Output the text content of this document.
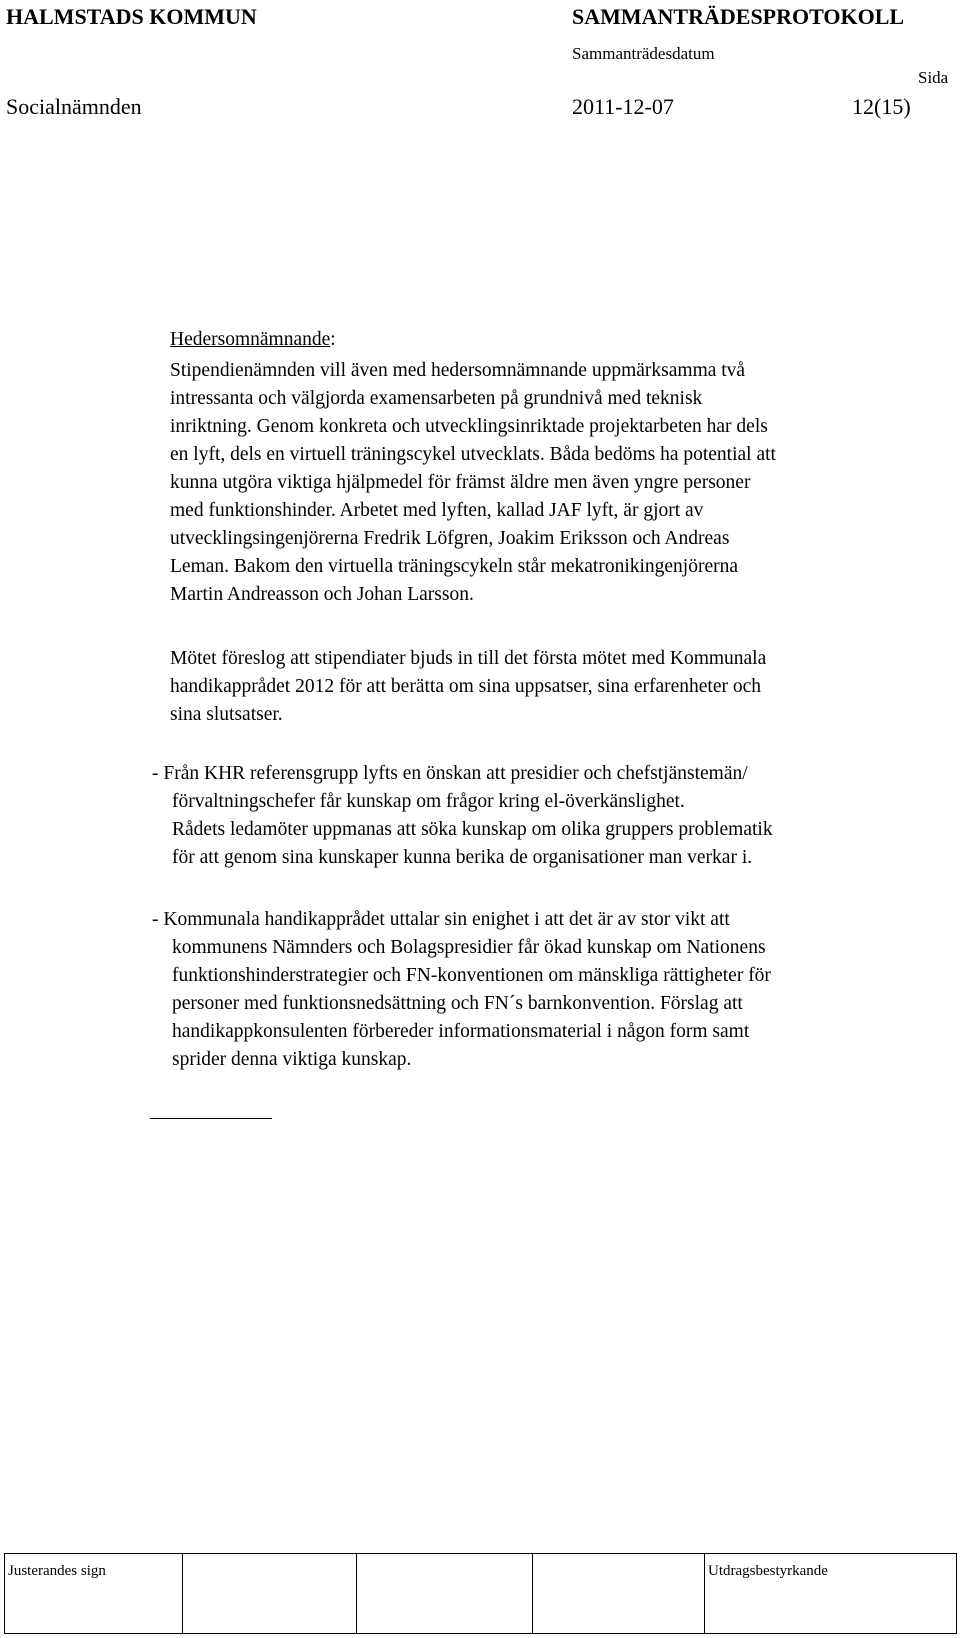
HALMSTADS KOMMUN	SAMMANTRÄDESPROTOKOLL
Sammanträdesdatum
Sida
Socialnämnden	2011-12-07	12(15)
Hedersomnämnande:
Stipendienämnden vill även med hedersomnämnande uppmärksamma två
intressanta och välgjorda examensarbeten på grundnivå med teknisk
inriktning. Genom konkreta och utvecklingsinriktade projektarbeten har dels
en lyft, dels en virtuell träningscykel utvecklats. Båda bedöms ha potential att
kunna utgöra viktiga hjälpmedel för främst äldre men även yngre personer
med funktionshinder. Arbetet med lyften, kallad JAF lyft, är gjort av
utvecklingsingenjörerna Fredrik Löfgren, Joakim Eriksson och Andreas
Leman. Bakom den virtuella träningscykeln står mekatronikingenjörerna
Martin Andreasson och Johan Larsson.
Mötet föreslog att stipendiater bjuds in till det första mötet med Kommunala
handikapprådet 2012 för att berätta om sina uppsatser, sina erfarenheter och
sina slutsatser.
- Från KHR referensgrupp lyfts en önskan att presidier och chefstjänstemän/
förvaltningschefer får kunskap om frågor kring el-överkänslighet.
Rådets ledamöter uppmanas att söka kunskap om olika gruppers problematik
för att genom sina kunskaper kunna berika de organisationer man verkar i.
- Kommunala handikapprådet uttalar sin enighet i att det är av stor vikt att
kommunens Nämnders och Bolagspresidier får ökad kunskap om Nationens
funktionshinderstrategier och FN-konventionen om mänskliga rättigheter för
personer med funktionsnedsättning och FN´s barnkonvention. Förslag att
handikappkonsulenten förbereder informationsmaterial i någon form samt
sprider denna viktiga kunskap.
Justerandes sign	Utdragsbestyrkande
